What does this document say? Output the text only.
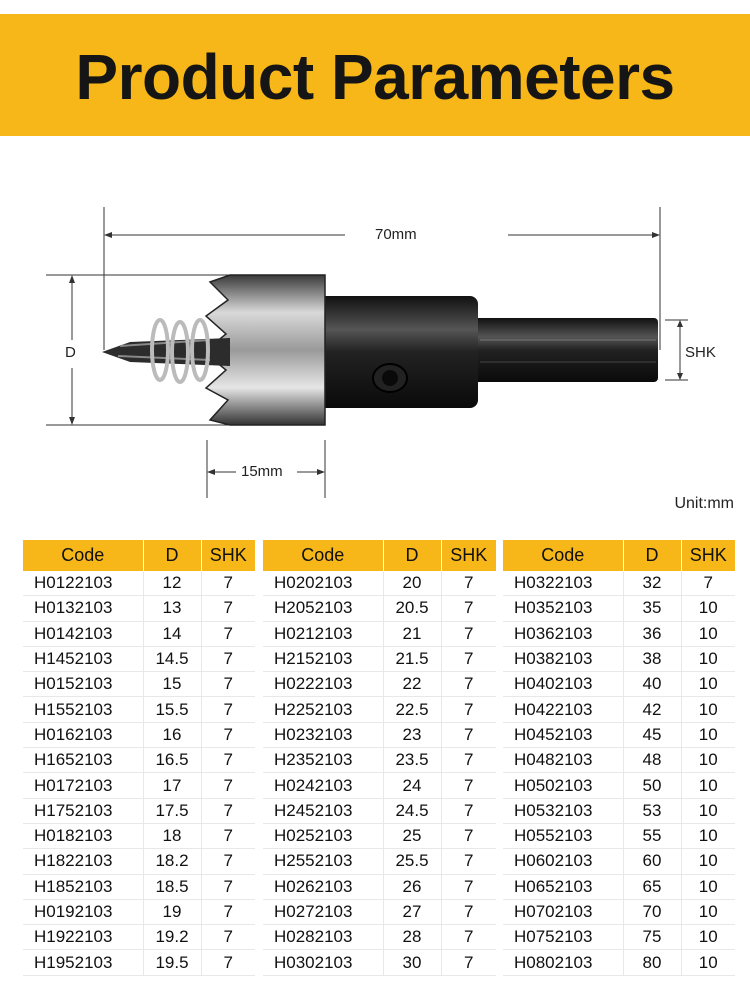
Product Parameters
70mm
D	SHK
15mm
Unit:mm
Code	D	SHK
H0122103	12	7
H0132103	13	7
H0142103	14	7
H1452103	14.5	7
H0152103	15	7
H1552103	15.5	7
H0162103	16	7
H1652103	16.5	7
H0172103	17	7
H1752103	17.5	7
H0182103	18	7
H1822103	18.2	7
H1852103	18.5	7
H0192103	19	7
H1922103	19.2	7
H1952103	19.5	7
Code	D	SHK
H0202103	20	7
H2052103	20.5	7
H0212103	21	7
H2152103	21.5	7
H0222103	22	7
H2252103	22.5	7
H0232103	23	7
H2352103	23.5	7
H0242103	24	7
H2452103	24.5	7
H0252103	25	7
H2552103	25.5	7
H0262103	26	7
H0272103	27	7
H0282103	28	7
H0302103	30	7
Code	D	SHK
H0322103	32	7
H0352103	35	10
H0362103	36	10
H0382103	38	10
H0402103	40	10
H0422103	42	10
H0452103	45	10
H0482103	48	10
H0502103	50	10
H0532103	53	10
H0552103	55	10
H0602103	60	10
H0652103	65	10
H0702103	70	10
H0752103	75	10
H0802103	80	10
